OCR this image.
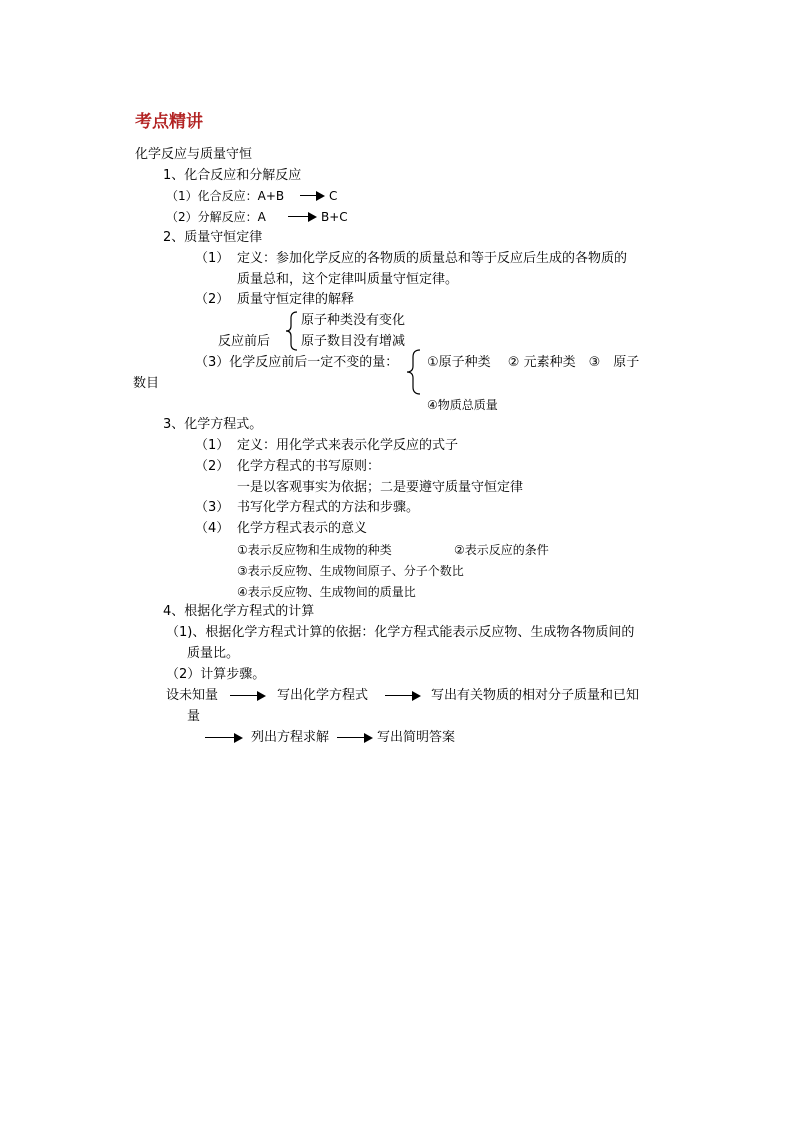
考点精讲
化学反应与质量守恒
1、化合反应和分解反应
（1）化合反应：A+B	C
（2）分解反应：A	B+C
2、质量守恒定律
（1） 定义：参加化学反应的各物质的质量总和等于反应后生成的各物质的
质量总和，这个定律叫质量守恒定律。
（2） 质量守恒定律的解释
反应前后
原子种类没有变化
原子数目没有增减
（3）化学反应前后一定不变的量： ①原子种类　 ② 元素种类　③　原子
数目
④物质总质量
3、化学方程式。
（1） 定义：用化学式来表示化学反应的式子
（2） 化学方程式的书写原则：
一是以客观事实为依据；二是要遵守质量守恒定律
（3） 书写化学方程式的方法和步骤。
（4） 化学方程式表示的意义
①表示反应物和生成物的种类	②表示反应的条件
③表示反应物、生成物间原子、分子个数比
④表示反应物、生成物间的质量比
4、根据化学方程式的计算
（1)、根据化学方程式计算的依据：化学方程式能表示反应物、生成物各物质间的
质量比。
（2）计算步骤。
设未知量	写出化学方程式	写出有关物质的相对分子质量和已知
量
列出方程求解	写出简明答案
